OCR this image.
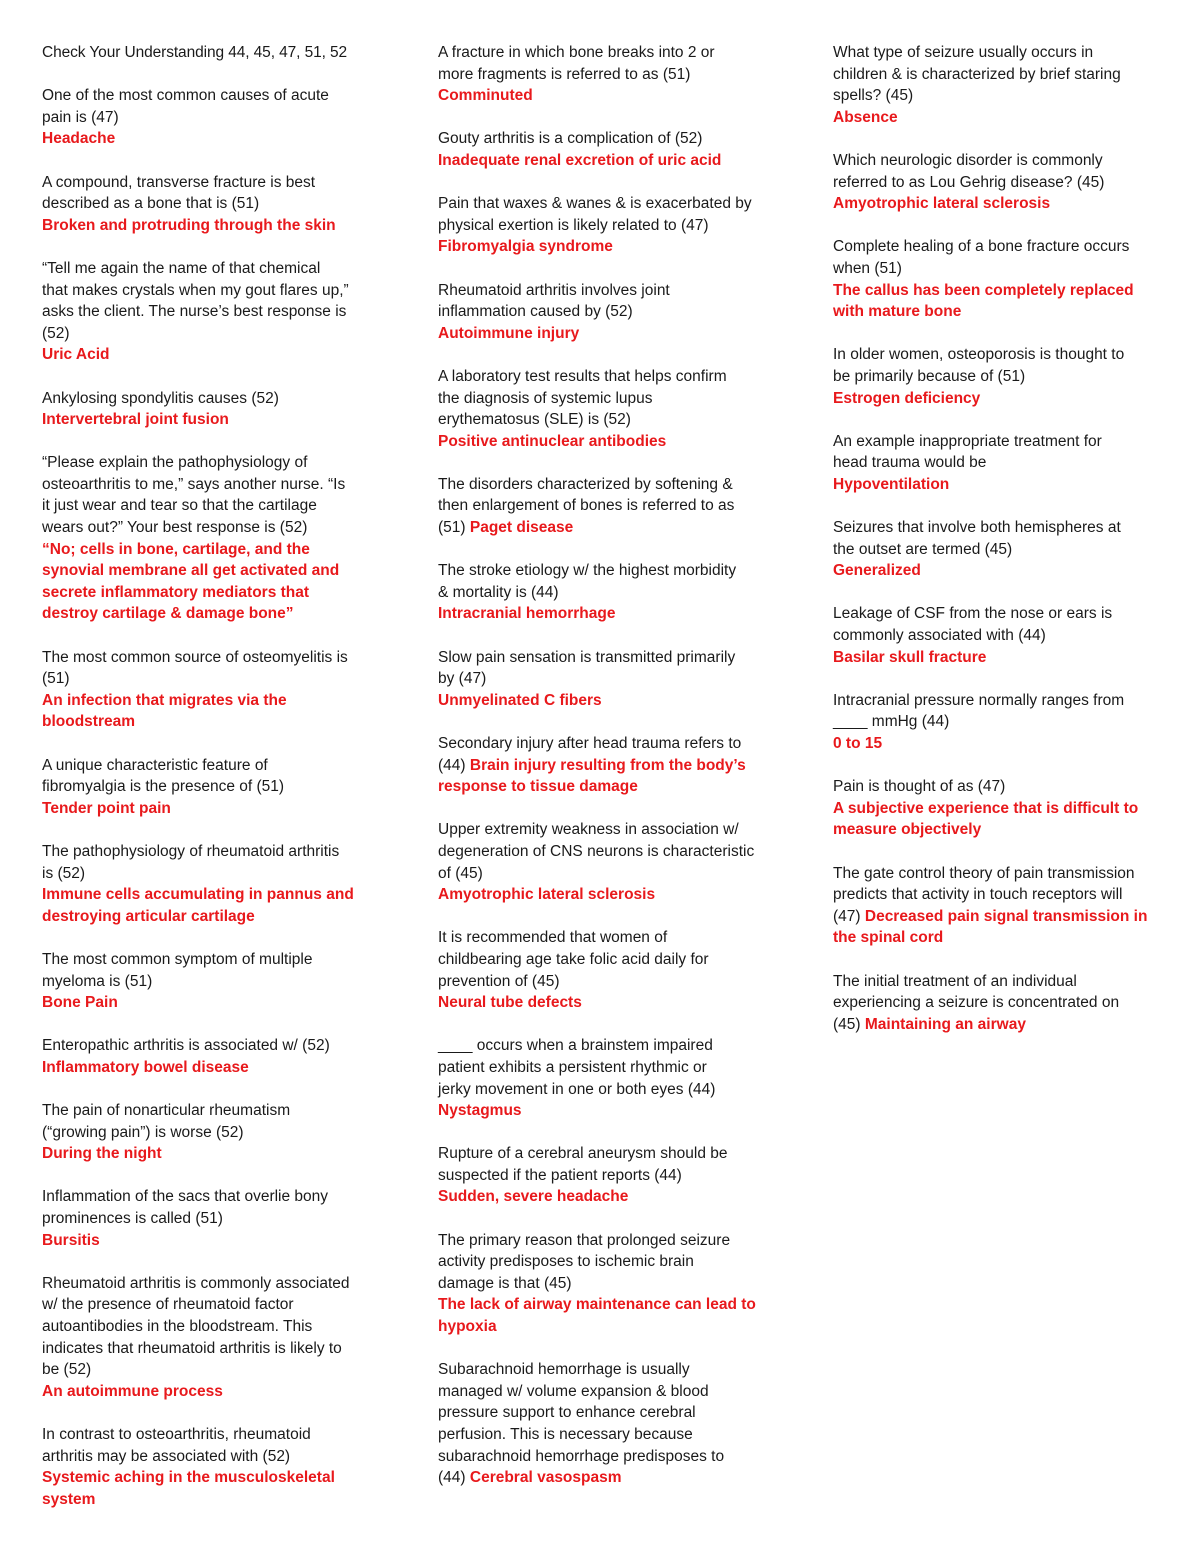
Check Your Understanding 44, 45, 47, 51, 52
One of the most common causes of acute
pain is (47)
Headache
A compound, transverse fracture is best
described as a bone that is (51)
Broken and protruding through the skin
“Tell me again the name of that chemical
that makes crystals when my gout flares up,”
asks the client. The nurse’s best response is
(52)
Uric Acid
Ankylosing spondylitis causes (52)
Intervertebral joint fusion
“Please explain the pathophysiology of
osteoarthritis to me,” says another nurse. “Is
it just wear and tear so that the cartilage
wears out?” Your best response is (52)
“No; cells in bone, cartilage, and the
synovial membrane all get activated and
secrete inflammatory mediators that
destroy cartilage & damage bone”
The most common source of osteomyelitis is
(51)
An infection that migrates via the
bloodstream
A unique characteristic feature of
fibromyalgia is the presence of (51)
Tender point pain
The pathophysiology of rheumatoid arthritis
is (52)
Immune cells accumulating in pannus and
destroying articular cartilage
The most common symptom of multiple
myeloma is (51)
Bone Pain
Enteropathic arthritis is associated w/ (52)
Inflammatory bowel disease
The pain of nonarticular rheumatism
(“growing pain”) is worse (52)
During the night
Inflammation of the sacs that overlie bony
prominences is called (51)
Bursitis
Rheumatoid arthritis is commonly associated
w/ the presence of rheumatoid factor
autoantibodies in the bloodstream. This
indicates that rheumatoid arthritis is likely to
be (52)
An autoimmune process
In contrast to osteoarthritis, rheumatoid
arthritis may be associated with (52)
Systemic aching in the musculoskeletal
system
A fracture in which bone breaks into 2 or
more fragments is referred to as (51)
Comminuted
Gouty arthritis is a complication of (52)
Inadequate renal excretion of uric acid
Pain that waxes & wanes & is exacerbated by
physical exertion is likely related to (47)
Fibromyalgia syndrome
Rheumatoid arthritis involves joint
inflammation caused by (52)
Autoimmune injury
A laboratory test results that helps confirm
the diagnosis of systemic lupus
erythematosus (SLE) is (52)
Positive antinuclear antibodies
The disorders characterized by softening &
then enlargement of bones is referred to as
(51) Paget disease
The stroke etiology w/ the highest morbidity
& mortality is (44)
Intracranial hemorrhage
Slow pain sensation is transmitted primarily
by (47)
Unmyelinated C fibers
Secondary injury after head trauma refers to
(44) Brain injury resulting from the body’s
response to tissue damage
Upper extremity weakness in association w/
degeneration of CNS neurons is characteristic
of (45)
Amyotrophic lateral sclerosis
It is recommended that women of
childbearing age take folic acid daily for
prevention of (45)
Neural tube defects
____ occurs when a brainstem impaired
patient exhibits a persistent rhythmic or
jerky movement in one or both eyes (44)
Nystagmus
Rupture of a cerebral aneurysm should be
suspected if the patient reports (44)
Sudden, severe headache
The primary reason that prolonged seizure
activity predisposes to ischemic brain
damage is that (45)
The lack of airway maintenance can lead to
hypoxia
Subarachnoid hemorrhage is usually
managed w/ volume expansion & blood
pressure support to enhance cerebral
perfusion. This is necessary because
subarachnoid hemorrhage predisposes to
(44) Cerebral vasospasm
What type of seizure usually occurs in
children & is characterized by brief staring
spells? (45)
Absence
Which neurologic disorder is commonly
referred to as Lou Gehrig disease? (45)
Amyotrophic lateral sclerosis
Complete healing of a bone fracture occurs
when (51)
The callus has been completely replaced
with mature bone
In older women, osteoporosis is thought to
be primarily because of (51)
Estrogen deficiency
An example inappropriate treatment for
head trauma would be
Hypoventilation
Seizures that involve both hemispheres at
the outset are termed (45)
Generalized
Leakage of CSF from the nose or ears is
commonly associated with (44)
Basilar skull fracture
Intracranial pressure normally ranges from
____ mmHg (44)
0 to 15
Pain is thought of as (47)
A subjective experience that is difficult to
measure objectively
The gate control theory of pain transmission
predicts that activity in touch receptors will
(47) Decreased pain signal transmission in
the spinal cord
The initial treatment of an individual
experiencing a seizure is concentrated on
(45) Maintaining an airway
